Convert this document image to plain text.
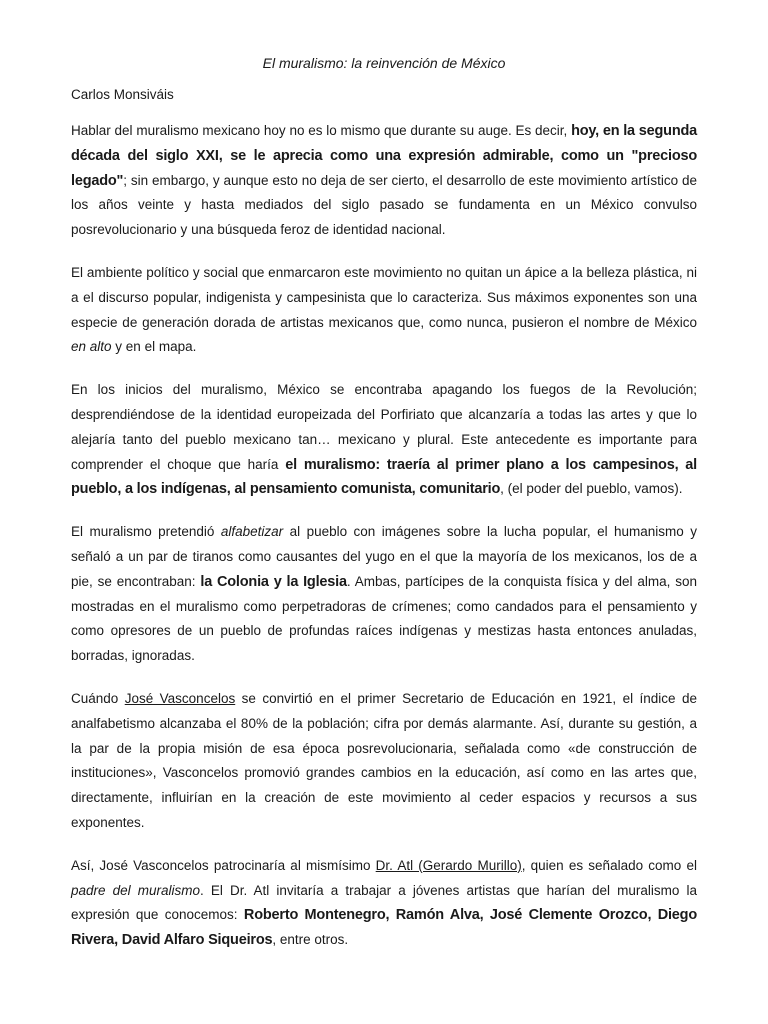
El muralismo: la reinvención de México
Carlos Monsiváis

Hablar del muralismo mexicano hoy no es lo mismo que durante su auge. Es decir, hoy, en la segunda década del siglo XXI, se le aprecia como una expresión admirable, como un "precioso legado"; sin embargo, y aunque esto no deja de ser cierto, el desarrollo de este movimiento artístico de los años veinte y hasta mediados del siglo pasado se fundamenta en un México convulso posrevolucionario y una búsqueda feroz de identidad nacional.

El ambiente político y social que enmarcaron este movimiento no quitan un ápice a la belleza plástica, ni a el discurso popular, indigenista y campesinista que lo caracteriza. Sus máximos exponentes son una especie de generación dorada de artistas mexicanos que, como nunca, pusieron el nombre de México en alto y en el mapa.

En los inicios del muralismo, México se encontraba apagando los fuegos de la Revolución; desprendiéndose de la identidad europeizada del Porfiriato que alcanzaría a todas las artes y que lo alejaría tanto del pueblo mexicano tan… mexicano y plural. Este antecedente es importante para comprender el choque que haría el muralismo: traería al primer plano a los campesinos, al pueblo, a los indígenas, al pensamiento comunista, comunitario, (el poder del pueblo, vamos).

El muralismo pretendió alfabetizar al pueblo con imágenes sobre la lucha popular, el humanismo y señaló a un par de tiranos como causantes del yugo en el que la mayoría de los mexicanos, los de a pie, se encontraban: la Colonia y la Iglesia. Ambas, partícipes de la conquista física y del alma, son mostradas en el muralismo como perpetradoras de crímenes; como candados para el pensamiento y como opresores de un pueblo de profundas raíces indígenas y mestizas hasta entonces anuladas, borradas, ignoradas.

Cuándo José Vasconcelos se convirtió en el primer Secretario de Educación en 1921, el índice de analfabetismo alcanzaba el 80% de la población; cifra por demás alarmante. Así, durante su gestión, a la par de la propia misión de esa época posrevolucionaria, señalada como «de construcción de instituciones», Vasconcelos promovió grandes cambios en la educación, así como en las artes que, directamente, influirían en la creación de este movimiento al ceder espacios y recursos a sus exponentes.

Así, José Vasconcelos patrocinaría al mismísimo Dr. Atl (Gerardo Murillo), quien es señalado como el padre del muralismo. El Dr. Atl invitaría a trabajar a jóvenes artistas que harían del muralismo la expresión que conocemos: Roberto Montenegro, Ramón Alva, José Clemente Orozco, Diego Rivera, David Alfaro Siqueiros, entre otros.
